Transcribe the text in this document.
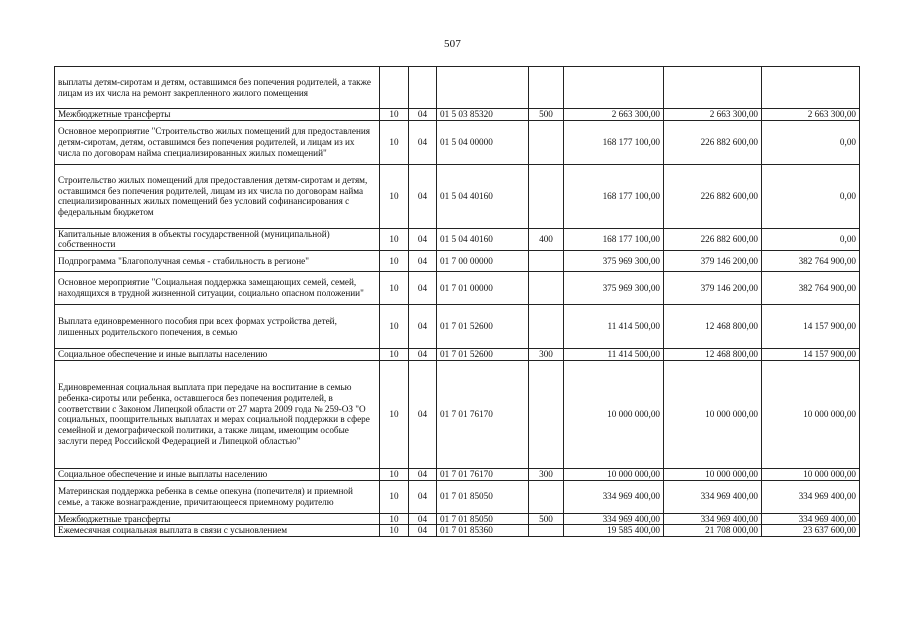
507
выплаты детям-сиротам и детям, оставшимся без попечения родителей, а также лицам из их числа на ремонт закрепленного жилого помещения							
Межбюджетные трансферты	10	04	01 5 03 85320	500	2 663 300,00	2 663 300,00	2 663 300,00
Основное мероприятие "Строительство жилых помещений для предоставления детям-сиротам, детям, оставшимся без попечения родителей, и лицам из их числа по договорам найма специализированных жилых помещений"	10	04	01 5 04 00000		168 177 100,00	226 882 600,00	0,00
Строительство жилых помещений для предоставления детям-сиротам и детям, оставшимся без попечения родителей, лицам из их числа по договорам найма специализированных жилых помещений без условий софинансирования с федеральным бюджетом	10	04	01 5 04 40160		168 177 100,00	226 882 600,00	0,00
Капитальные вложения в объекты государственной (муниципальной) собственности	10	04	01 5 04 40160	400	168 177 100,00	226 882 600,00	0,00
Подпрограмма "Благополучная семья - стабильность в регионе"	10	04	01 7 00 00000		375 969 300,00	379 146 200,00	382 764 900,00
Основное мероприятие "Социальная поддержка замещающих семей, семей, находящихся в трудной жизненной ситуации, социально опасном положении"	10	04	01 7 01 00000		375 969 300,00	379 146 200,00	382 764 900,00
Выплата единовременного пособия при всех формах устройства детей, лишенных родительского попечения, в семью	10	04	01 7 01 52600		11 414 500,00	12 468 800,00	14 157 900,00
Социальное обеспечение и иные выплаты населению	10	04	01 7 01 52600	300	11 414 500,00	12 468 800,00	14 157 900,00
Единовременная социальная выплата при передаче на воспитание в семью ребенка-сироты или ребенка, оставшегося без попечения родителей, в соответствии с Законом Липецкой области от 27 марта 2009 года № 259-ОЗ "О социальных, поощрительных выплатах и мерах социальной поддержки в сфере семейной и демографической политики, а также лицам, имеющим особые заслуги перед Российской Федерацией и Липецкой областью"	10	04	01 7 01 76170		10 000 000,00	10 000 000,00	10 000 000,00
Социальное обеспечение и иные выплаты населению	10	04	01 7 01 76170	300	10 000 000,00	10 000 000,00	10 000 000,00
Материнская поддержка ребенка в семье опекуна (попечителя) и приемной семье, а также вознаграждение, причитающееся приемному родителю	10	04	01 7 01 85050		334 969 400,00	334 969 400,00	334 969 400,00
Межбюджетные трансферты	10	04	01 7 01 85050	500	334 969 400,00	334 969 400,00	334 969 400,00
Ежемесячная социальная выплата в связи с усыновлением	10	04	01 7 01 85360		19 585 400,00	21 708 000,00	23 637 600,00
